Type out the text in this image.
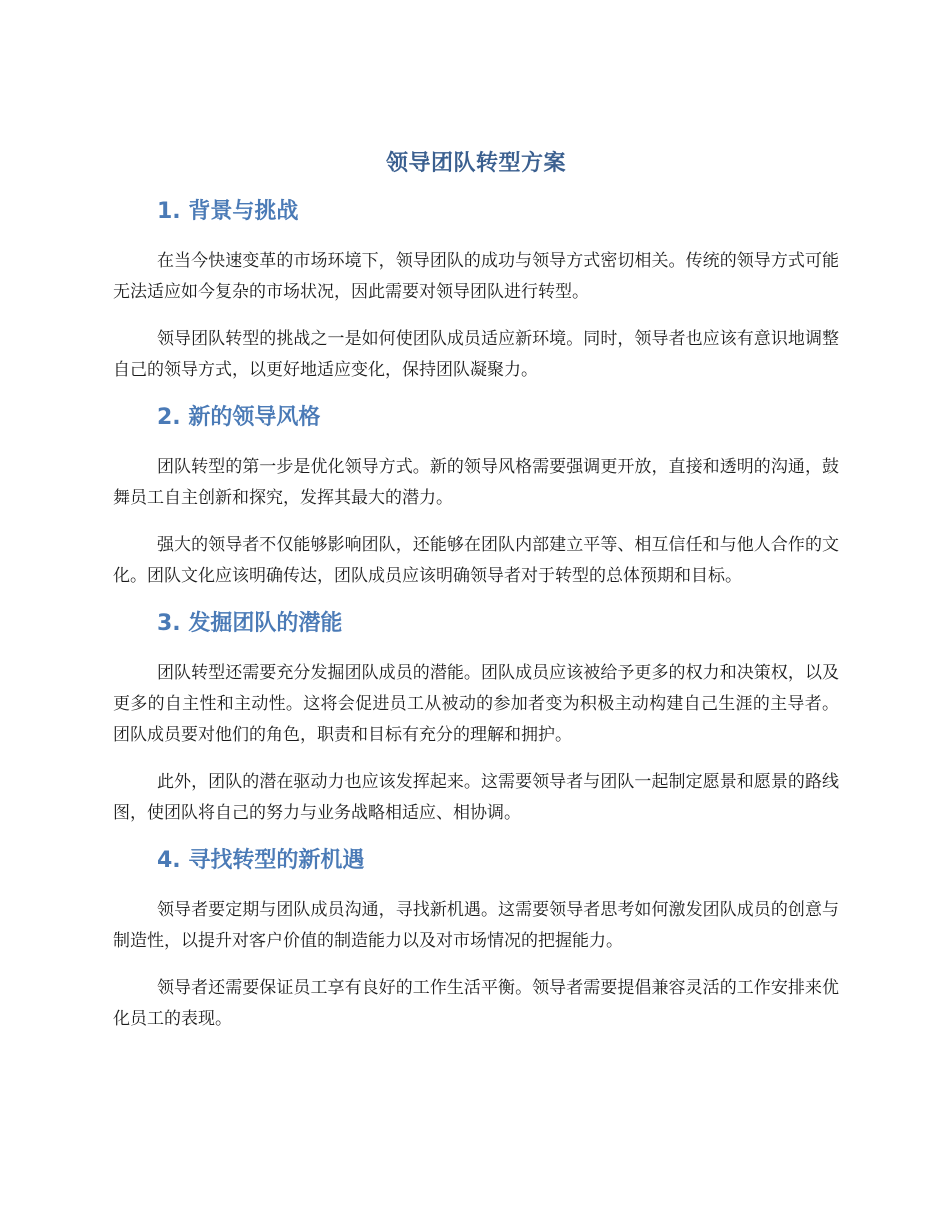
领导团队转型方案
1. 背景与挑战

在当今快速变革的市场环境下，领导团队的成功与领导方式密切相关。传统的领导方式可能无法适应如今复杂的市场状况，因此需要对领导团队进行转型。

领导团队转型的挑战之一是如何使团队成员适应新环境。同时，领导者也应该有意识地调整自己的领导方式，以更好地适应变化，保持团队凝聚力。

2. 新的领导风格

团队转型的第一步是优化领导方式。新的领导风格需要强调更开放，直接和透明的沟通，鼓舞员工自主创新和探究，发挥其最大的潜力。

强大的领导者不仅能够影响团队，还能够在团队内部建立平等、相互信任和与他人合作的文化。团队文化应该明确传达，团队成员应该明确领导者对于转型的总体预期和目标。

3. 发掘团队的潜能

团队转型还需要充分发掘团队成员的潜能。团队成员应该被给予更多的权力和决策权，以及更多的自主性和主动性。这将会促进员工从被动的参加者变为积极主动构建自己生涯的主导者。团队成员要对他们的角色，职责和目标有充分的理解和拥护。

此外，团队的潜在驱动力也应该发挥起来。这需要领导者与团队一起制定愿景和愿景的路线图，使团队将自己的努力与业务战略相适应、相协调。

4. 寻找转型的新机遇

领导者要定期与团队成员沟通，寻找新机遇。这需要领导者思考如何激发团队成员的创意与制造性，以提升对客户价值的制造能力以及对市场情况的把握能力。

领导者还需要保证员工享有良好的工作生活平衡。领导者需要提倡兼容灵活的工作安排来优化员工的表现。
